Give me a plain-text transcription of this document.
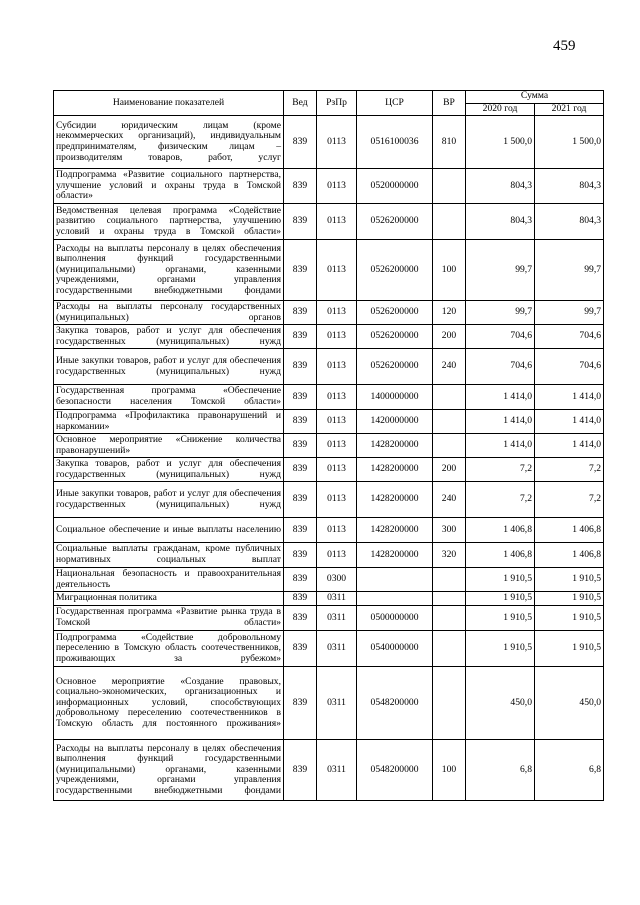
459
Наименование показателей	Вед	РзПр	ЦСР	ВР	Сумма	
					2020 год	2021 год
Субсидии юридическим лицам (кроме некоммерческих организаций), индивидуальным предпринимателям, физическим лицам – производителям товаров, работ, услуг	839	0113	0516100036	810	1 500,0	1 500,0
Подпрограмма «Развитие социального партнерства, улучшение условий и охраны труда в Томской области»	839	0113	0520000000		804,3	804,3
Ведомственная целевая программа «Содействие развитию социального партнерства, улучшению условий и охраны труда в Томской области»	839	0113	0526200000		804,3	804,3
Расходы на выплаты персоналу в целях обеспечения выполнения функций государственными (муниципальными) органами, казенными учреждениями, органами управления государственными внебюджетными фондами	839	0113	0526200000	100	99,7	99,7
Расходы на выплаты персоналу государственных (муниципальных) органов	839	0113	0526200000	120	99,7	99,7
Закупка товаров, работ и услуг для обеспечения государственных (муниципальных) нужд	839	0113	0526200000	200	704,6	704,6
Иные закупки товаров, работ и услуг для обеспечения государственных (муниципальных) нужд	839	0113	0526200000	240	704,6	704,6
Государственная программа «Обеспечение безопасности населения Томской области»	839	0113	1400000000		1 414,0	1 414,0
Подпрограмма «Профилактика правонарушений и наркомании»	839	0113	1420000000		1 414,0	1 414,0
Основное мероприятие «Снижение количества правонарушений»	839	0113	1428200000		1 414,0	1 414,0
Закупка товаров, работ и услуг для обеспечения государственных (муниципальных) нужд	839	0113	1428200000	200	7,2	7,2
Иные закупки товаров, работ и услуг для обеспечения государственных (муниципальных) нужд	839	0113	1428200000	240	7,2	7,2
Социальное обеспечение и иные выплаты населению	839	0113	1428200000	300	1 406,8	1 406,8
Социальные выплаты гражданам, кроме публичных нормативных социальных выплат	839	0113	1428200000	320	1 406,8	1 406,8
Национальная безопасность и правоохранительная деятельность	839	0300			1 910,5	1 910,5
Миграционная политика	839	0311			1 910,5	1 910,5
Государственная программа «Развитие рынка труда в Томской области»	839	0311	0500000000		1 910,5	1 910,5
Подпрограмма «Содействие добровольному переселению в Томскую область соотечественников, проживающих за рубежом»	839	0311	0540000000		1 910,5	1 910,5
Основное мероприятие «Создание правовых, социально-экономических, организационных и информационных условий, способствующих добровольному переселению соотечественников в Томскую область для постоянного проживания»	839	0311	0548200000		450,0	450,0
Расходы на выплаты персоналу в целях обеспечения выполнения функций государственными (муниципальными) органами, казенными учреждениями, органами управления государственными внебюджетными фондами	839	0311	0548200000	100	6,8	6,8
